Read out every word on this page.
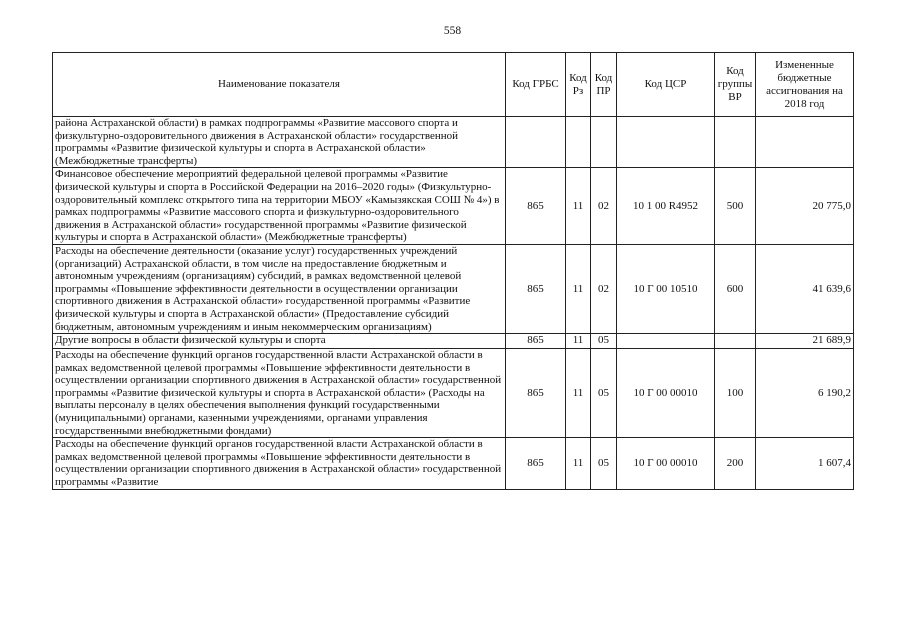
558
Наименование показателя	Код ГРБС	Код Рз	Код ПР	Код ЦСР	Код группы ВР	Измененные бюджетные ассигнования на 2018 год
района Астраханской области) в рамках подпрограммы «Развитие массового спорта и физкультурно-оздоровительного движения в Астраханской области» государственной программы «Развитие физической культуры и спорта в Астраханской области» (Межбюджетные трансферты)						
Финансовое обеспечение мероприятий федеральной целевой программы «Развитие физической культуры и спорта в Российской Федерации на 2016–2020 годы» (Физкультурно-оздоровительный комплекс открытого типа на территории МБОУ «Камызякская СОШ № 4») в рамках подпрограммы «Развитие массового спорта и физкультурно-оздоровительного движения в Астраханской области» государственной программы «Развитие физической культуры и спорта в Астраханской области» (Межбюджетные трансферты)	865	11	02	10 1 00 R4952	500	20 775,0
Расходы на обеспечение деятельности (оказание услуг) государственных учреждений (организаций) Астраханской области, в том числе на предоставление бюджетным и автономным учреждениям (организациям) субсидий, в рамках ведомственной целевой программы «Повышение эффективности деятельности в осуществлении организации спортивного движения в Астраханской области» государственной программы «Развитие физической культуры и спорта в Астраханской области» (Предоставление субсидий бюджетным, автономным учреждениям и иным некоммерческим организациям)	865	11	02	10 Г 00 10510	600	41 639,6
Другие вопросы в области физической культуры и спорта	865	11	05			21 689,9
Расходы на обеспечение функций органов государственной власти Астраханской области в рамках ведомственной целевой программы «Повышение эффективности деятельности в осуществлении организации спортивного движения в Астраханской области» государственной программы «Развитие физической культуры и спорта в Астраханской области» (Расходы на выплаты персоналу в целях обеспечения выполнения функций государственными (муниципальными) органами, казенными учреждениями, органами управления государственными внебюджетными фондами)	865	11	05	10 Г 00 00010	100	6 190,2
Расходы на обеспечение функций органов государственной власти Астраханской области в рамках ведомственной целевой программы «Повышение эффективности деятельности в осуществлении организации спортивного движения в Астраханской области» государственной программы «Развитие	865	11	05	10 Г 00 00010	200	1 607,4
